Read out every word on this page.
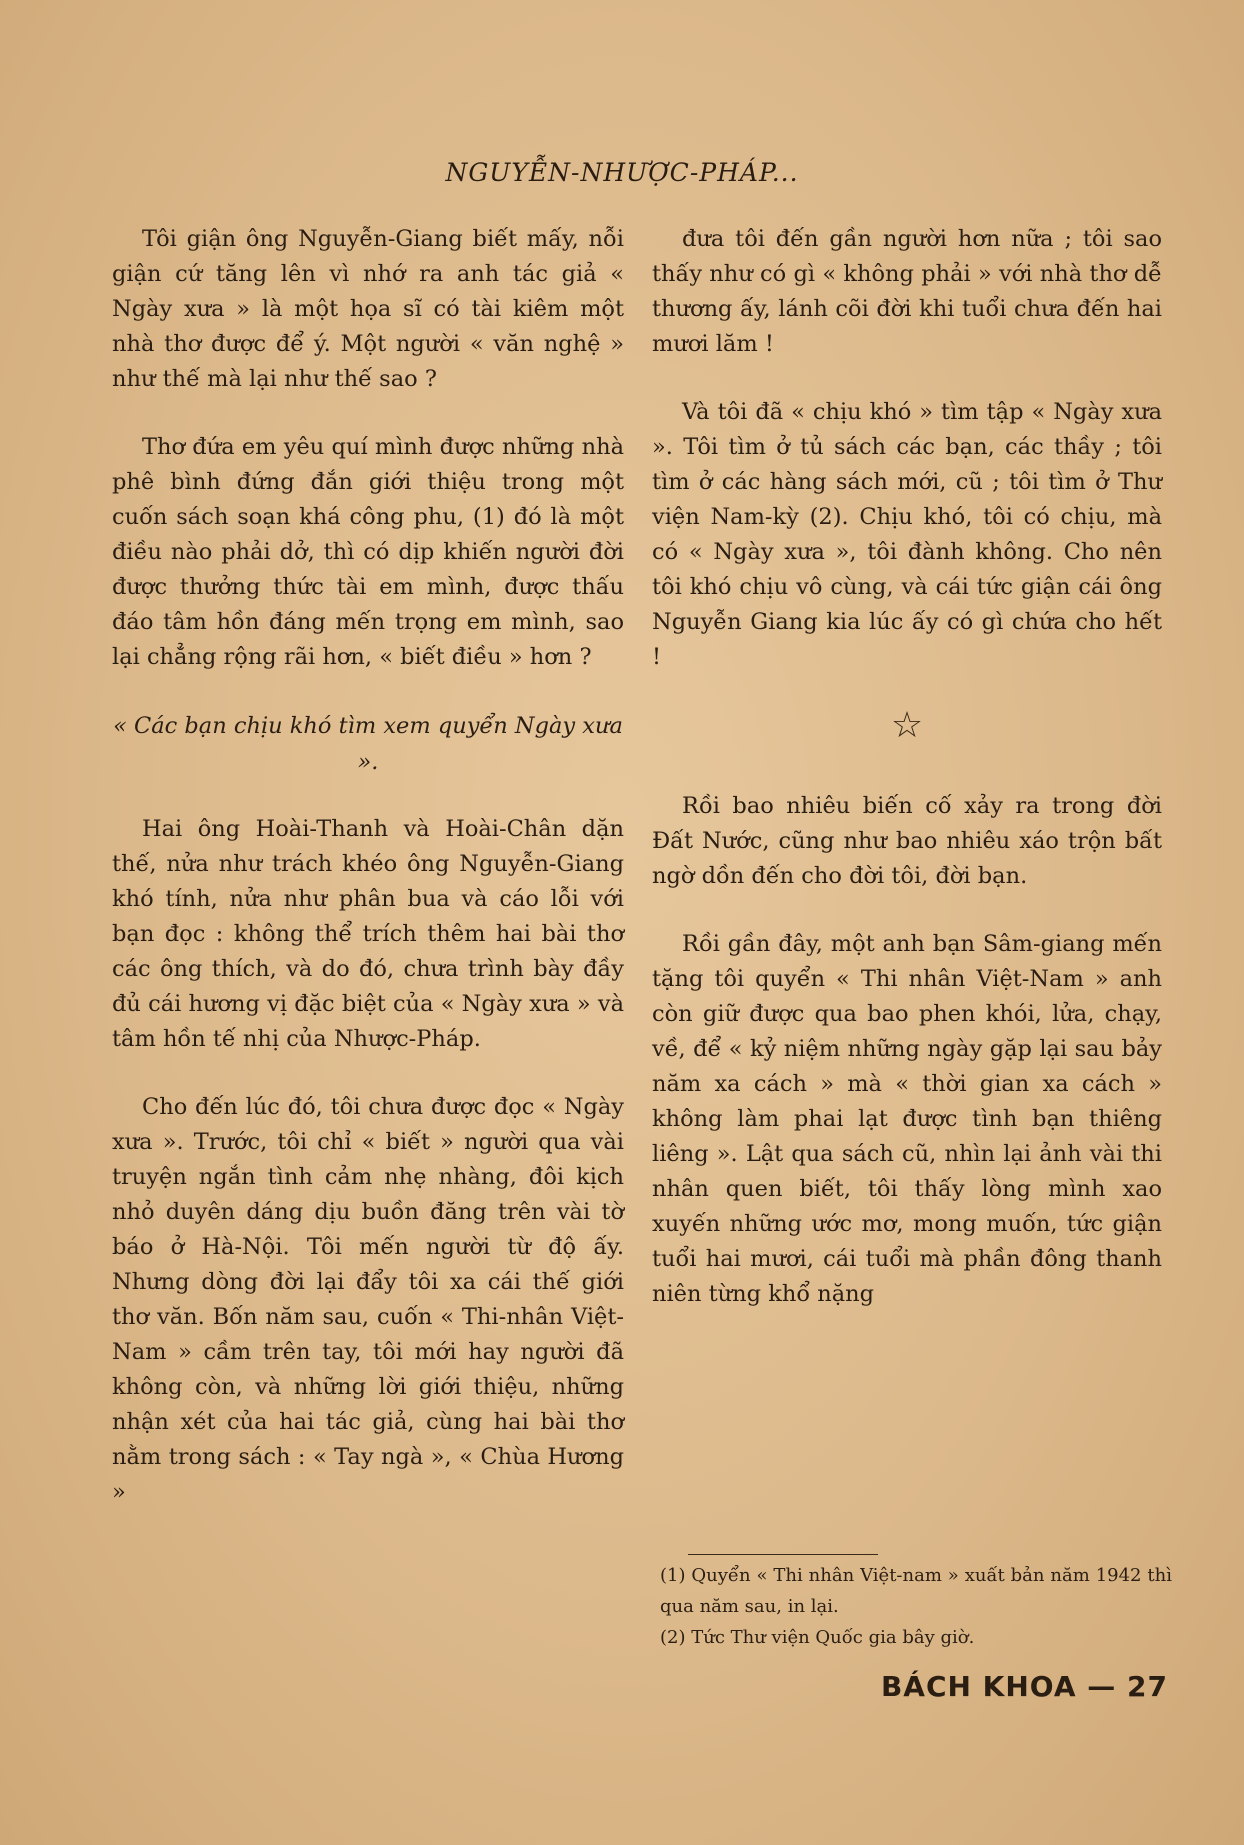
NGUYỄN-NHƯỢC-PHÁP...

Tôi giận ông Nguyễn-Giang biết mấy, nỗi giận cứ tăng lên vì nhớ ra anh tác giả « Ngày xưa » là một họa sĩ có tài kiêm một nhà thơ được để ý. Một người « văn nghệ » như thế mà lại như thế sao ?

Thơ đứa em yêu quí mình được những nhà phê bình đứng đắn giới thiệu trong một cuốn sách soạn khá công phu, (1) đó là một điều nào phải dở, thì có dịp khiến người đời được thưởng thức tài em mình, được thấu đáo tâm hồn đáng mến trọng em mình, sao lại chẳng rộng rãi hơn, « biết điều » hơn ?

« Các bạn chịu khó tìm xem quyển Ngày xưa ».

Hai ông Hoài-Thanh và Hoài-Chân dặn thế, nửa như trách khéo ông Nguyễn-Giang khó tính, nửa như phân bua và cáo lỗi với bạn đọc : không thể trích thêm hai bài thơ các ông thích, và do đó, chưa trình bày đầy đủ cái hương vị đặc biệt của « Ngày xưa » và tâm hồn tế nhị của Nhược-Pháp.

Cho đến lúc đó, tôi chưa được đọc « Ngày xưa ». Trước, tôi chỉ « biết » người qua vài truyện ngắn tình cảm nhẹ nhàng, đôi kịch nhỏ duyên dáng dịu buồn đăng trên vài tờ báo ở Hà-Nội. Tôi mến người từ độ ấy. Nhưng dòng đời lại đẩy tôi xa cái thế giới thơ văn. Bốn năm sau, cuốn « Thi-nhân Việt-Nam » cầm trên tay, tôi mới hay người đã không còn, và những lời giới thiệu, những nhận xét của hai tác giả, cùng hai bài thơ nằm trong sách : « Tay ngà », « Chùa Hương »

đưa tôi đến gần người hơn nữa ; tôi sao thấy như có gì « không phải » với nhà thơ dễ thương ấy, lánh cõi đời khi tuổi chưa đến hai mươi lăm !

Và tôi đã « chịu khó » tìm tập « Ngày xưa ». Tôi tìm ở tủ sách các bạn, các thầy ; tôi tìm ở các hàng sách mới, cũ ; tôi tìm ở Thư viện Nam-kỳ (2). Chịu khó, tôi có chịu, mà có « Ngày xưa », tôi đành không. Cho nên tôi khó chịu vô cùng, và cái tức giận cái ông Nguyễn Giang kia lúc ấy có gì chứa cho hết !

☆

Rồi bao nhiêu biến cố xảy ra trong đời Đất Nước, cũng như bao nhiêu xáo trộn bất ngờ dồn đến cho đời tôi, đời bạn.

Rồi gần đây, một anh bạn Sâm-giang mến tặng tôi quyển « Thi nhân Việt-Nam » anh còn giữ được qua bao phen khói, lửa, chạy, về, để « kỷ niệm những ngày gặp lại sau bảy năm xa cách » mà « thời gian xa cách » không làm phai lạt được tình bạn thiêng liêng ». Lật qua sách cũ, nhìn lại ảnh vài thi nhân quen biết, tôi thấy lòng mình xao xuyến những ước mơ, mong muốn, tức giận tuổi hai mươi, cái tuổi mà phần đông thanh niên từng khổ nặng

(1) Quyển « Thi nhân Việt-nam » xuất bản năm 1942 thì qua năm sau, in lại.
(2) Tức Thư viện Quốc gia bây giờ.
BÁCH KHOA — 27
